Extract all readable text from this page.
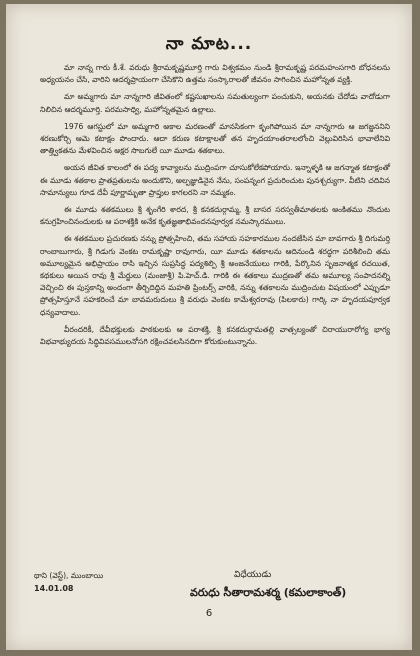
నా మాట...

మా నాన్న గారు కీ.శే. వరుధు శ్రీరామకృష్ణమూర్తి గారు విశ్వకమం నుండి శ్రీరామకృష్ణ పరమహంసగారి బోధనలను అధ్యయనం చేసి, వారిని ఆదర్శప్రాయంగా చేసికొని ఉత్తమ సంస్కారాలతో జీవనం సాగించిన మహోన్నత వ్యక్తి.

మా అమ్మగారు మా నాన్నగారి జీవితంలో కష్టసుఖాలను సమతుల్యంగా పంచుకుని, అయనకు చేదోడు వాదోడుగా నిలిచిన ఆదర్శమూర్తి. పరమసాధ్వి, మహోన్నతమైన ఉల్లాలు.

1976 ఆగస్టులో మా అమ్మగారి అకాల మరణంతో మానసికంగా కృంగిపోయిన మా నాన్నగారు ఆ జగజ్జననిని శరణుకోర్చి ఆమె కటాక్షం పొందారు. ఆదా కరుణ కటాక్షాలతో తన హృదయాంతరాలలోంచి వెల్లువిరిసిన భావాలేనివి తాత్త్వికతను మేళవించిన అక్షర సొబగులే యీ మూడు శతకాలు.

అయన జీవిత కాలంలో ఈ పద్య కావ్యాలను ముద్రింపగా చూసుకోలేకపోయారు. ఇన్నాళ్ళకి ఆ జగన్మాత కటాక్షంతో ఈ మూడు శతకాల ప్రాతప్రతులను అందుకొని, అల్పజ్ఞుడినైన నేను, సంపన్నంగ ప్రచురించుట పునశ్చర్యుగా. వీటిని చదివిన సామాన్యులు గూడ దేవీ పూర్ణామృతా ప్రాప్తుల కాగలరని నా నమ్మకం.

ఈ మూడు శతకములు శ్రీ శృంగేరి శారద, శ్రీ కనకదుర్గామ్మ, శ్రీ బాసర సరస్వతీమాతలకు అంకితము నొందుట కనుగ్రహించినందులకు ఆ పరాశక్తికి అనేక కృతజ్ఞతాభివందనపూర్వక నమస్కారములు.

ఈ శతకముల ప్రచురణకు నన్ను ప్రోత్సహించి, తమ సహాయ సహకారముల నందజేసిన మా బావగారు శ్రీ దిగుమర్తి రాంబాబుగారు, శ్రీ గిడుగు వెంకట రామకృష్ణా రావుగారు, యీ మూడు శతకాలను ఆదినుండి శరద్ధగా పరిశీలించి తమ అమూల్యమైన అభిప్రాయం రాసి ఇచ్చిన సుప్రసిద్ధ పద్యశిల్పి శ్రీ అంజనేయులు గారికి, పేర్కొనిన సృజనాత్మక రచయిత, కథకులు అయిన రావు శ్రీ మేర్జులు (మంజాశ్రీ) పి.హెచ్.డి. గారికి ఈ శతకాలు ముద్రణతో తమ అమూల్య సంపాదనల్ని వెచ్చించి ఈ పుస్తకాన్ని అందంగా తీర్చిదిద్దిన మహతి ప్రింటర్స్ వారికి, నన్ను శతకాలను ముద్రించుట విషయంలో ఎప్పుడూ ప్రోత్సహిస్తూనే సహకరించే మా బావమరుదులు శ్రీ వరుధు వెంకట కామేశ్వరరావు (పిలకారు) గార్కి నా హృదయపూర్వక ధన్యవాదాలు.

వీరందరికీ, దేవీభక్తులకు పాఠకులకు ఆ పరాశక్తి, శ్రీ కనకదుర్గామతల్లి వాత్సల్యంతో చిరాయురారోగ్య భాగ్య విభవాభ్యుదయ సిద్ధివివసములనోసగి రక్షించవలసినదిగా కోరుకుంటున్నాను.

థాని (వెస్ట్), ముంబాయి
14.01.08
విధేయుడు
వరుధు సీతారామశర్మ (కమలాకాంత్)
6
